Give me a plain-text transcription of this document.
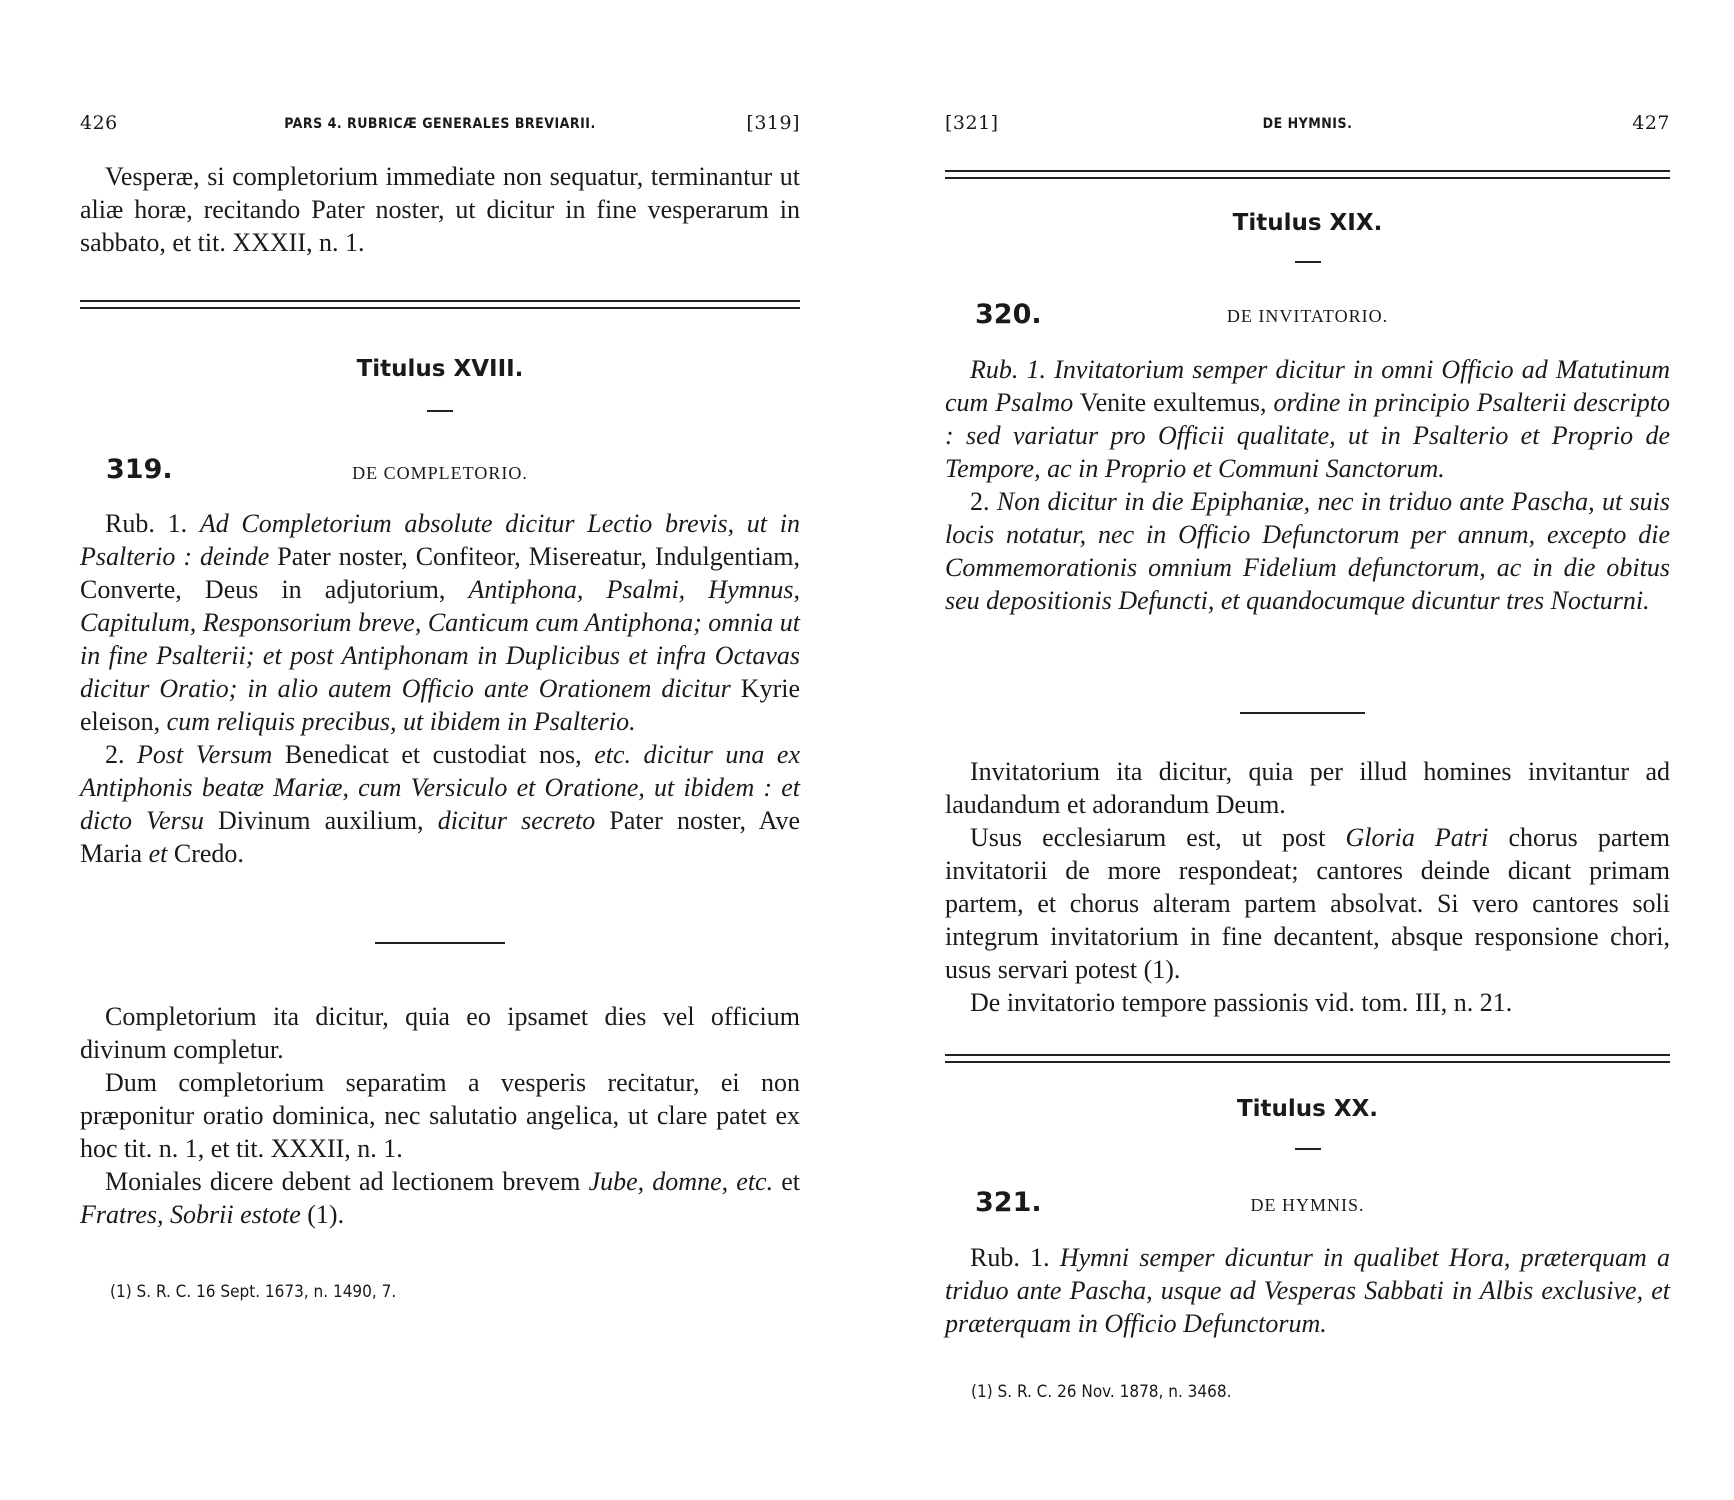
426	PARS 4. RUBRICÆ GENERALES BREVIARII.	[319]

Vesperæ, si completorium immediate non sequatur, terminantur ut aliæ horæ, recitando Pater noster, ut dicitur in fine vesperarum in sabbato, et tit. XXXII, n. 1.

Titulus XVIII.
319.	DE COMPLETORIO.

Rub. 1. Ad Completorium absolute dicitur Lectio brevis, ut in Psalterio : deinde Pater noster, Confiteor, Misereatur, Indulgentiam, Converte, Deus in adjutorium, Antiphona, Psalmi, Hymnus, Capitulum, Responsorium breve, Canticum cum Antiphona; omnia ut in fine Psalterii; et post Antiphonam in Duplicibus et infra Octavas dicitur Oratio; in alio autem Officio ante Orationem dicitur Kyrie eleison, cum reliquis precibus, ut ibidem in Psalterio.

2. Post Versum Benedicat et custodiat nos, etc. dicitur una ex Antiphonis beatæ Mariæ, cum Versiculo et Oratione, ut ibidem : et dicto Versu Divinum auxilium, dicitur secreto Pater noster, Ave Maria et Credo.

Completorium ita dicitur, quia eo ipsamet dies vel officium divinum completur.

Dum completorium separatim a vesperis recitatur, ei non præponitur oratio dominica, nec salutatio angelica, ut clare patet ex hoc tit. n. 1, et tit. XXXII, n. 1.

Moniales dicere debent ad lectionem brevem Jube, domne, etc. et Fratres, Sobrii estote (1).

(1) S. R. C. 16 Sept. 1673, n. 1490, 7.
[321]	DE HYMNIS.	427
Titulus XIX.
320.	DE INVITATORIO.

Rub. 1. Invitatorium semper dicitur in omni Officio ad Matutinum cum Psalmo Venite exultemus, ordine in principio Psalterii descripto : sed variatur pro Officii qualitate, ut in Psalterio et Proprio de Tempore, ac in Proprio et Communi Sanctorum.

2. Non dicitur in die Epiphaniæ, nec in triduo ante Pascha, ut suis locis notatur, nec in Officio Defunctorum per annum, excepto die Commemorationis omnium Fidelium defunctorum, ac in die obitus seu depositionis Defuncti, et quandocumque dicuntur tres Nocturni.

Invitatorium ita dicitur, quia per illud homines invitantur ad laudandum et adorandum Deum.

Usus ecclesiarum est, ut post Gloria Patri chorus partem invitatorii de more respondeat; cantores deinde dicant primam partem, et chorus alteram partem absolvat. Si vero cantores soli integrum invitatorium in fine decantent, absque responsione chori, usus servari potest (1).

De invitatorio tempore passionis vid. tom. III, n. 21.

Titulus XX.
321.	DE HYMNIS.

Rub. 1. Hymni semper dicuntur in qualibet Hora, præterquam a triduo ante Pascha, usque ad Vesperas Sabbati in Albis exclusive, et præterquam in Officio Defunctorum.

(1) S. R. C. 26 Nov. 1878, n. 3468.
